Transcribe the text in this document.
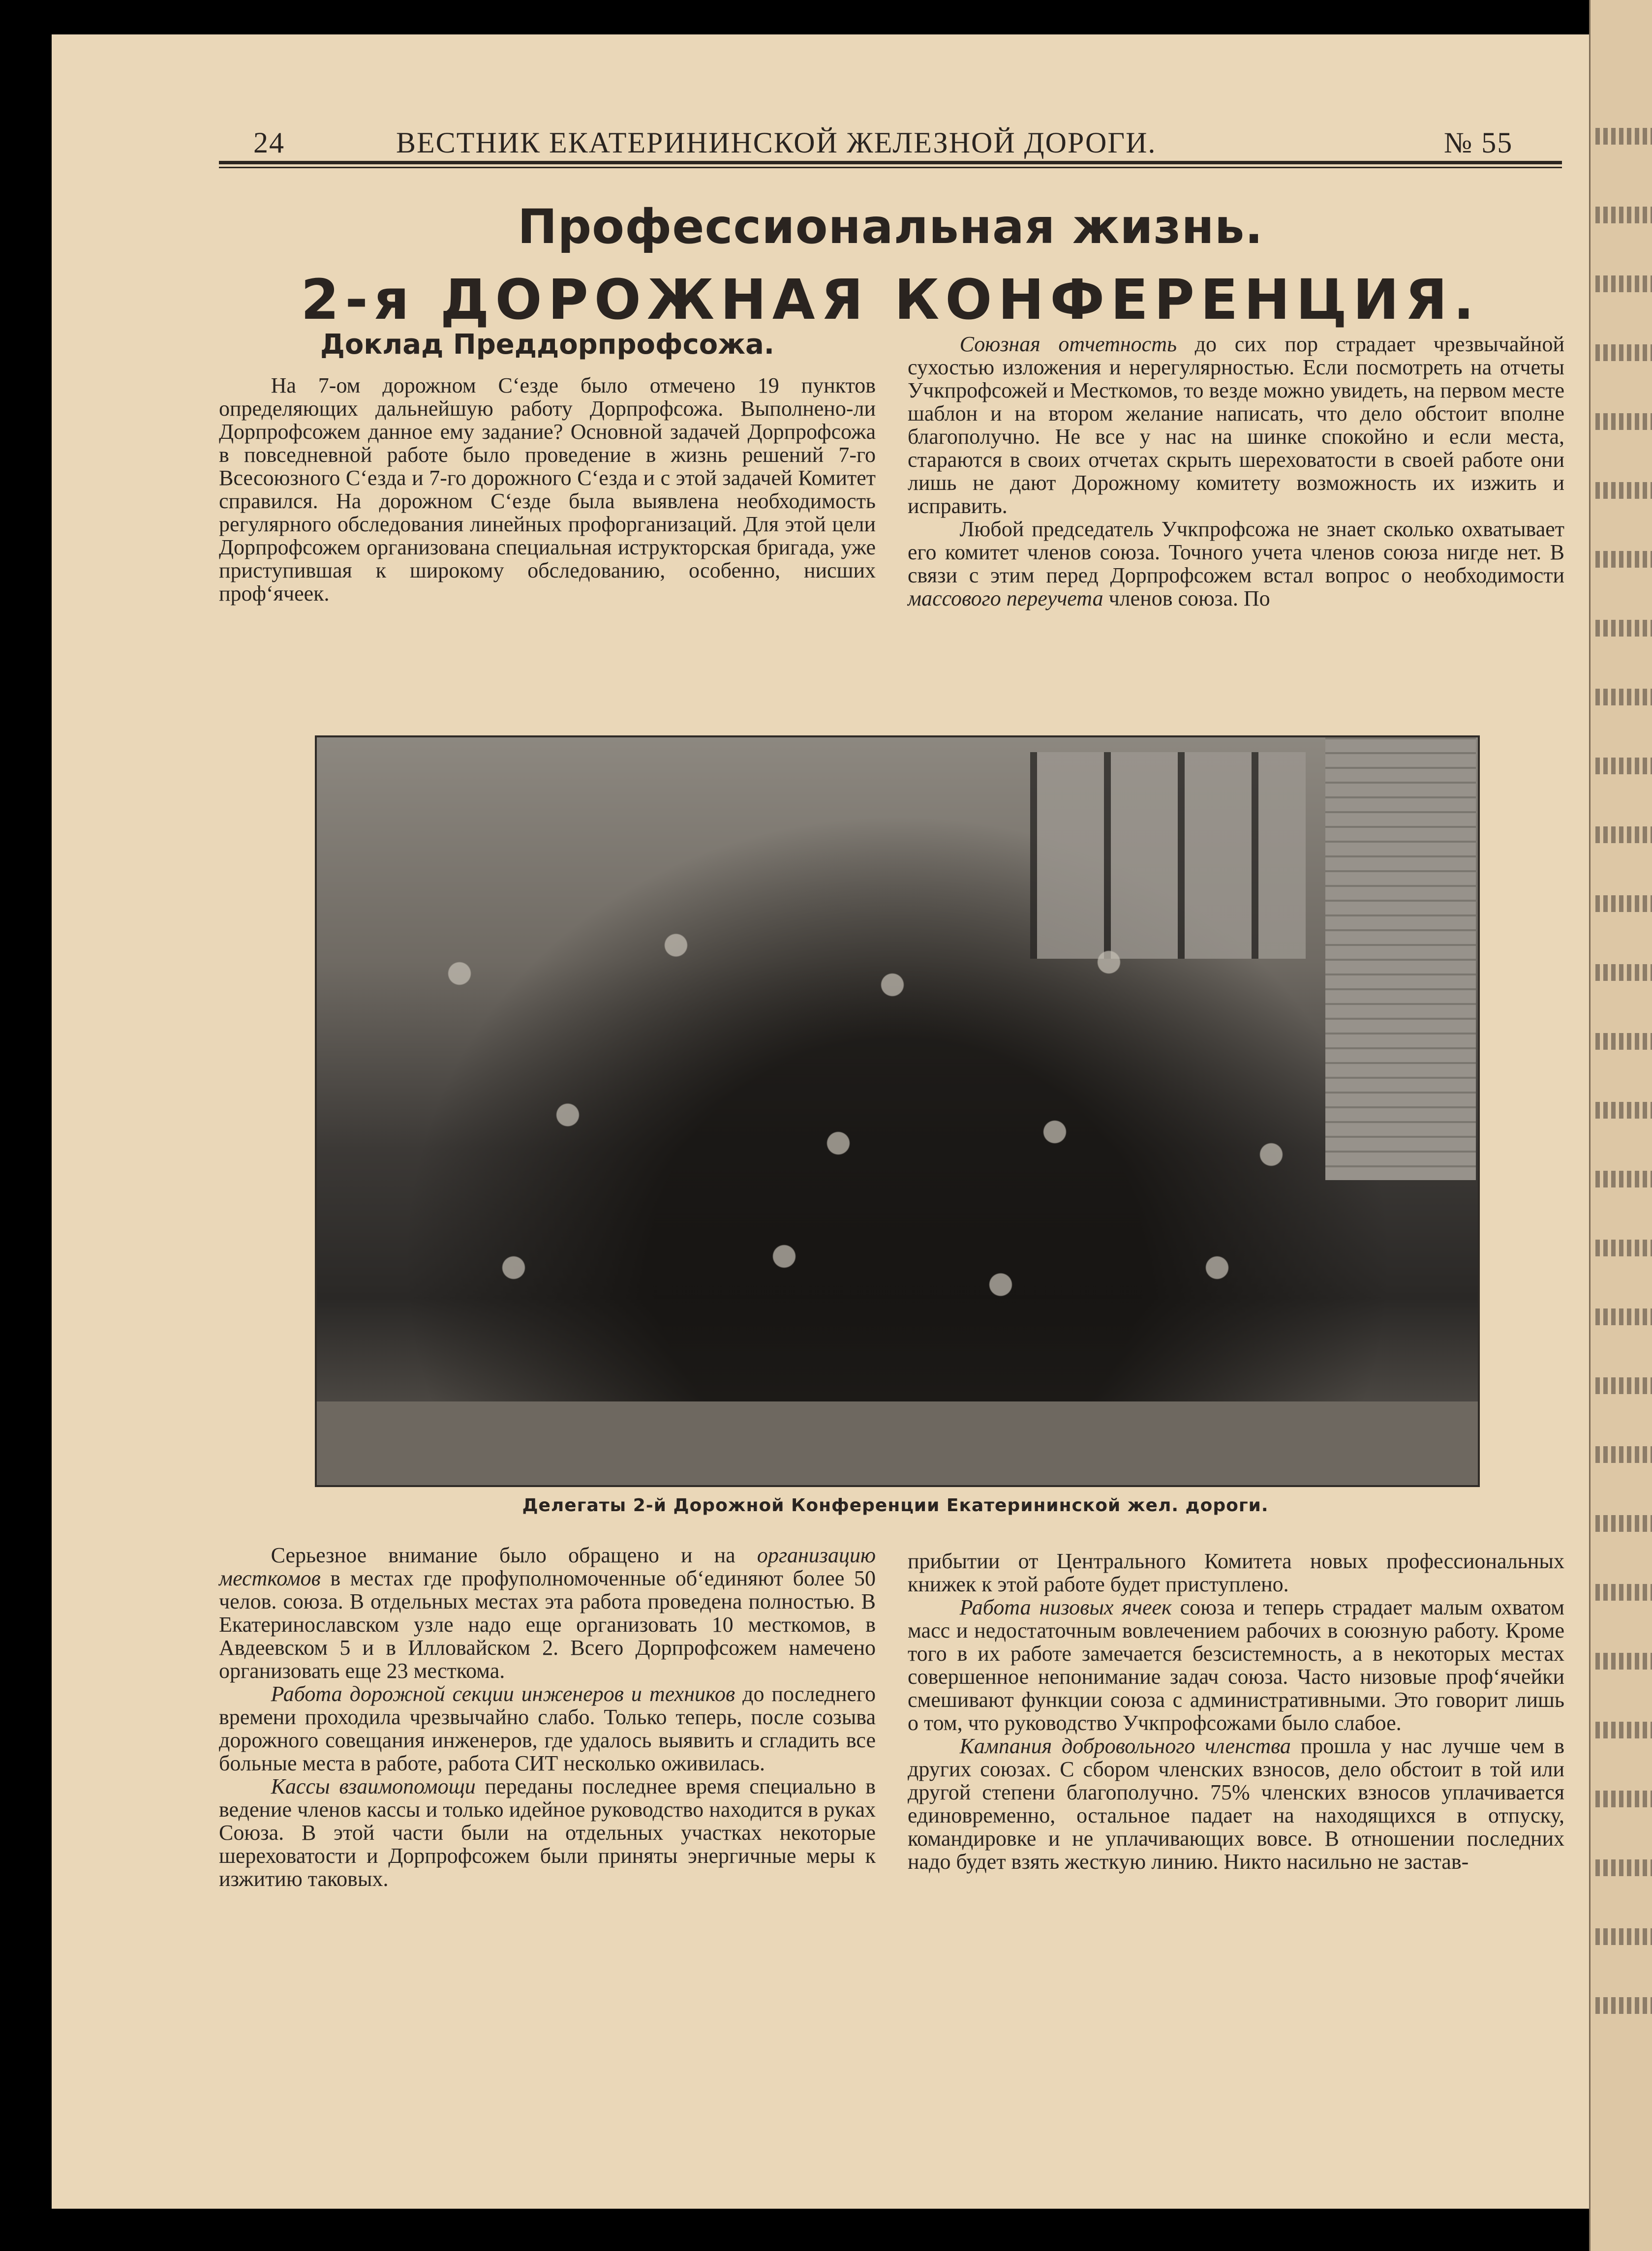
24	ВЕСТНИК ЕКАТЕРИНИНСКОЙ ЖЕЛЕЗНОЙ ДОРОГИ.	№ 55
Профессиональная жизнь.
2-я ДОРОЖНАЯ КОНФЕРЕНЦИЯ.
Доклад Преддорпрофсожа.

На 7-ом дорожном С‘езде было отмечено 19 пунктов определяющих дальнейшую работу Дорпрофсожа. Выполнено-ли Дорпрофсожем данное ему задание? Основной задачей Дорпрофсожа в повседневной работе было проведение в жизнь решений 7-го Всесоюзного С‘езда и 7-го дорожного С‘езда и с этой задачей Комитет справился. На дорожном С‘езде была выявлена необходимость регулярного обследования линейных профорганизаций. Для этой цели Дорпрофсожем организована специальная иструкторская бригада, уже приступившая к широкому обследованию, особенно, нисших проф‘ячеек.

Союзная отчетность до сих пор страдает чрезвычайной сухостью изложения и нерегулярностью. Если посмотреть на отчеты Учкпрофсожей и Месткомов, то везде можно увидеть, на первом месте шаблон и на втором желание написать, что дело обстоит вполне благополучно. Не все у нас на шинке спокойно и если места, стараются в своих отчетах скрыть шереховатости в своей работе они лишь не дают Дорожному комитету возможность их изжить и исправить.

Любой председатель Учкпрофсожа не знает сколько охватывает его комитет членов союза. Точного учета членов союза нигде нет. В связи с этим перед Дорпрофсожем встал вопрос о необходимости массового переучета членов союза. По

Делегаты 2-й Дорожной Конференции Екатерининской жел. дороги.

Серьезное внимание было обращено и на организацию месткомов в местах где профуполномоченные об‘единяют более 50 челов. союза. В отдельных местах эта работа проведена полностью. В Екатеринославском узле надо еще организовать 10 месткомов, в Авдеевском 5 и в Илловайском 2. Всего Дорпрофсожем намечено организовать еще 23 месткома.

Работа дорожной секции инженеров и техников до последнего времени проходила чрезвычайно слабо. Только теперь, после созыва дорожного совещания инженеров, где удалось выявить и сгладить все больные места в работе, работа СИТ несколько оживилась.

Кассы взаимопомощи переданы последнее время специально в ведение членов кассы и только идейное руководство находится в руках Союза. В этой части были на отдельных участках некоторые шереховатости и Дорпрофсожем были приняты энергичные меры к изжитию таковых.

прибытии от Центрального Комитета новых профессиональных книжек к этой работе будет приступлено.

Работа низовых ячеек союза и теперь страдает малым охватом масс и недостаточным вовлечением рабочих в союзную работу. Кроме того в их работе замечается безсистемность, а в некоторых местах совершенное непонимание задач союза. Часто низовые проф‘ячейки смешивают функции союза с административными. Это говорит лишь о том, что руководство Учкпрофсожами было слабое.

Кампания добровольного членства прошла у нас лучше чем в других союзах. С сбором членских взносов, дело обстоит в той или другой степени благополучно. 75% членских взносов уплачивается единовременно, остальное падает на находящихся в отпуску, командировке и не уплачивающих вовсе. В отношении последних надо будет взять жесткую линию. Никто насильно не застав-
